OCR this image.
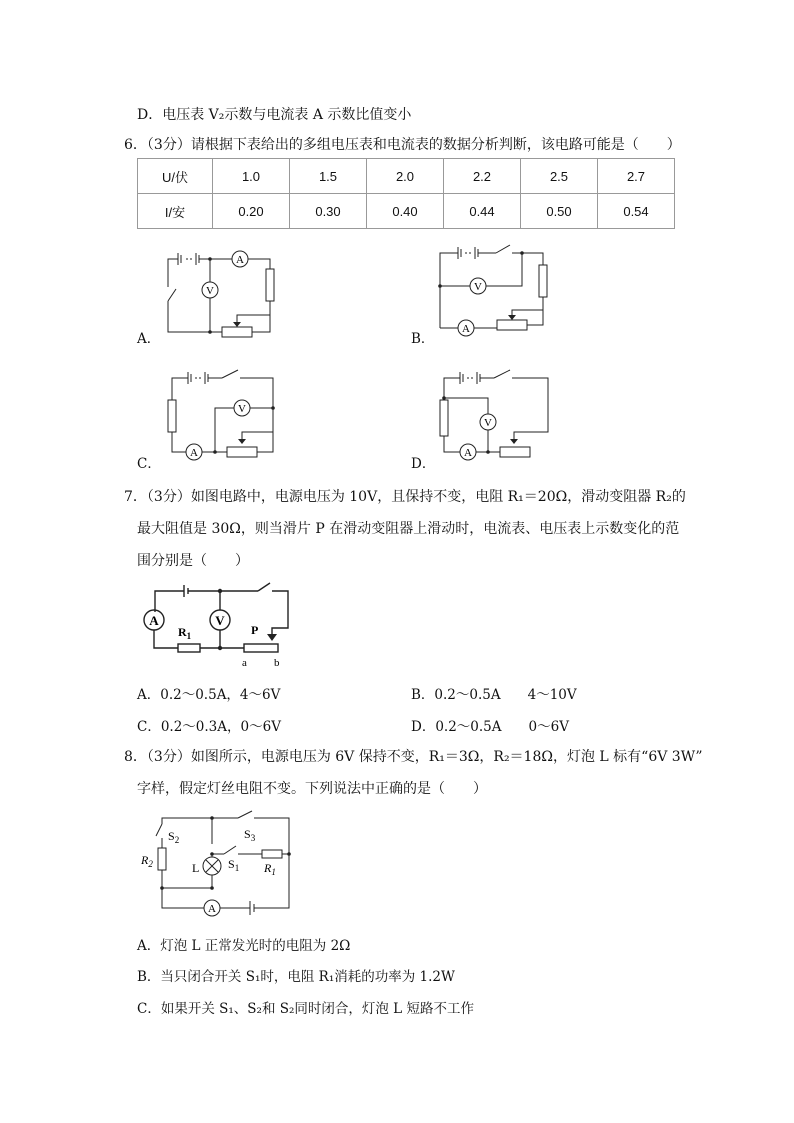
D．电压表 V₂示数与电流表 A 示数比值变小
6．（3分）请根据下表给出的多组电压表和电流表的数据分析判断，该电路可能是（　　）
U/伏	1.0	1.5	2.0	2.2	2.5	2.7
I/安	0.20	0.30	0.40	0.44	0.50	0.54
A
V
A．
A
V
B．
A
V
C．
A
V
D．
7．（3分）如图电路中，电源电压为 10V，且保持不变，电阻 R₁＝20Ω，滑动变阻器 R₂的
最大阻值是 30Ω，则当滑片 P 在滑动变阻器上滑动时，电流表、电压表上示数变化的范
围分别是（　　）
A	V
$R_1$	P
a b
A．0.2～0.5A，4～6V	B．0.2～0.5A　　4～10V
C．0.2～0.3A，0～6V	D．0.2～0.5A　　0～6V
8．（3分）如图所示，电源电压为 6V 保持不变，R₁＝3Ω，R₂＝18Ω，灯泡 L 标有“6V 3W”
字样，假定灯丝电阻不变。下列说法中正确的是（　　）
$S_2$	$S_3$
$S_1$
$R_2$	$R_1$
L
A
A．灯泡 L 正常发光时的电阻为 2Ω
B．当只闭合开关 S₁时，电阻 R₁消耗的功率为 1.2W
C．如果开关 S₁、S₂和 S₂同时闭合，灯泡 L 短路不工作
